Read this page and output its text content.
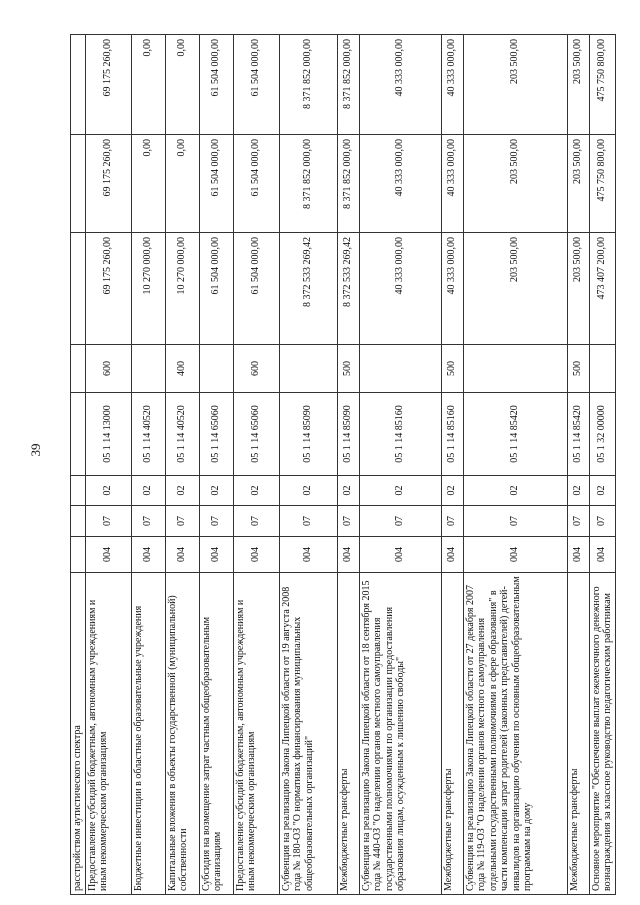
39
расстройством аутистического спектра								
Предоставление субсидий бюджетным, автономным учреждениям и иным некоммерческим организациям	004	07	02	05 1 14 13000	600	69 175 260,00	69 175 260,00	69 175 260,00
Бюджетные инвестиции в областные образовательные учреждения	004	07	02	05 1 14 40520		10 270 000,00	0,00	0,00
Капитальные вложения в объекты государственной (муниципальной) собственности	004	07	02	05 1 14 40520	400	10 270 000,00	0,00	0,00
Субсидия на возмещение затрат частным общеобразовательным организациям	004	07	02	05 1 14 65060		61 504 000,00	61 504 000,00	61 504 000,00
Предоставление субсидий бюджетным, автономным учреждениям и иным некоммерческим организациям	004	07	02	05 1 14 65060	600	61 504 000,00	61 504 000,00	61 504 000,00
Субвенция на реализацию Закона Липецкой области от 19 августа 2008 года № 180-ОЗ "О нормативах финансирования муниципальных общеобразовательных организаций"	004	07	02	05 1 14 85090		8 372 533 269,42	8 371 852 000,00	8 371 852 000,00
Межбюджетные трансферты	004	07	02	05 1 14 85090	500	8 372 533 269,42	8 371 852 000,00	8 371 852 000,00
Субвенция на реализацию Закона Липецкой области от 18 сентября 2015 года № 440-ОЗ "О наделении органов местного самоуправления государственными полномочиями по организации предоставления образования лицам, осужденным к лишению свободы"	004	07	02	05 1 14 85160		40 333 000,00	40 333 000,00	40 333 000,00
Межбюджетные трансферты	004	07	02	05 1 14 85160	500	40 333 000,00	40 333 000,00	40 333 000,00
Субвенция на реализацию Закона Липецкой области от 27 декабря 2007 года № 119-ОЗ "О наделении органов местного самоуправления отдельными государственными полномочиями в сфере образования" в части компенсации затрат родителей (законных представителей) детей-инвалидов на организацию обучения по основным общеобразовательным программам на дому	004	07	02	05 1 14 85420		203 500,00	203 500,00	203 500,00
Межбюджетные трансферты	004	07	02	05 1 14 85420	500	203 500,00	203 500,00	203 500,00
Основное мероприятие "Обеспечение выплат ежемесячного денежного вознаграждения за классное руководство педагогическим работникам	004	07	02	05 1 32 00000		473 407 200,00	475 750 800,00	475 750 800,00
